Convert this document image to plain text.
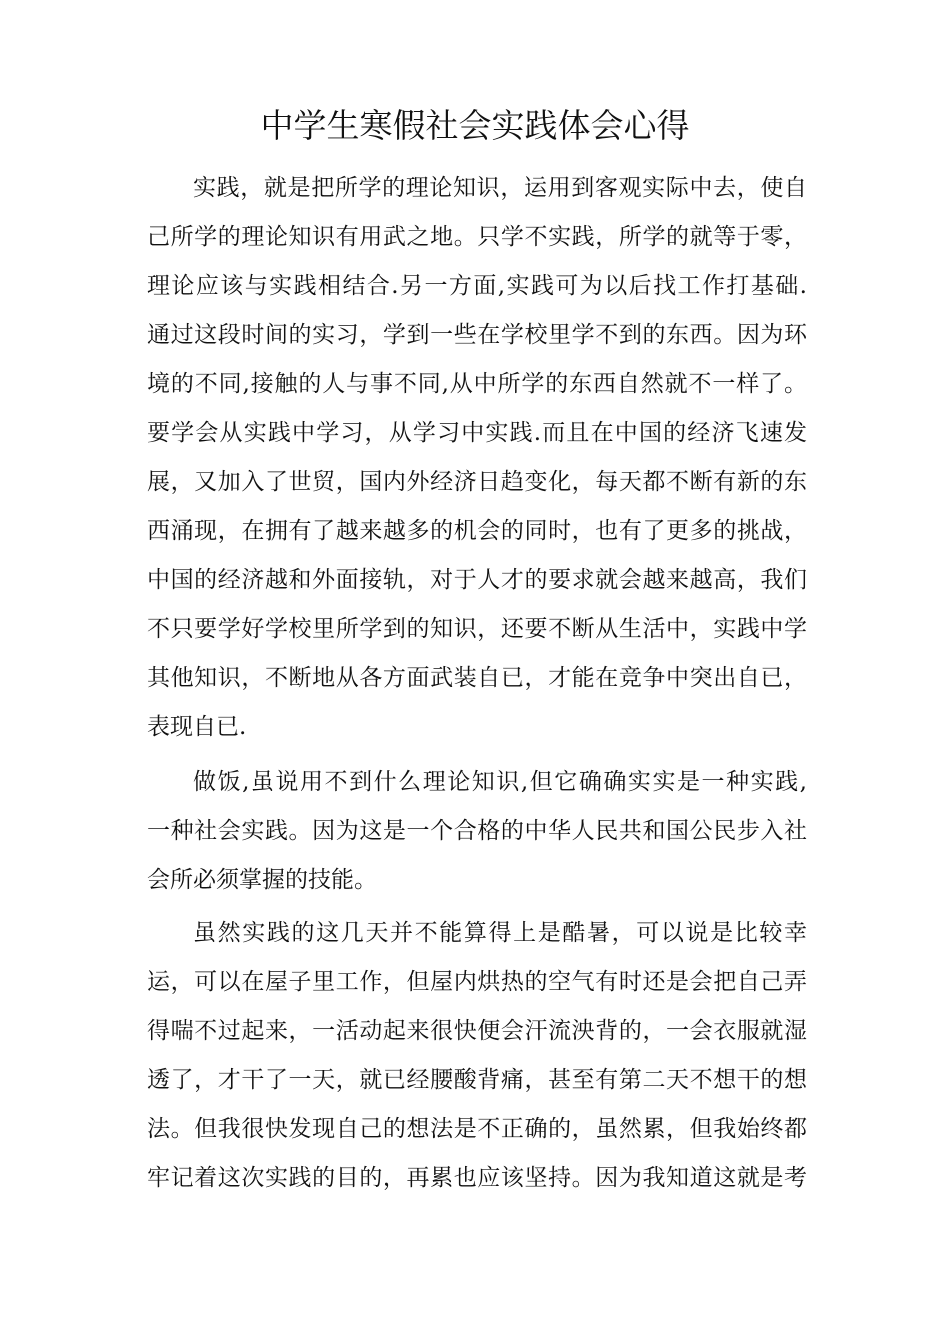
中学生寒假社会实践体会心得
实践，就是把所学的理论知识，运用到客观实际中去，使自
己所学的理论知识有用武之地。只学不实践，所学的就等于零，
理论应该与实践相结合.另一方面,实践可为以后找工作打基础.
通过这段时间的实习，学到一些在学校里学不到的东西。因为环
境的不同,接触的人与事不同,从中所学的东西自然就不一样了。
要学会从实践中学习，从学习中实践.而且在中国的经济飞速发
展，又加入了世贸，国内外经济日趋变化，每天都不断有新的东
西涌现，在拥有了越来越多的机会的同时，也有了更多的挑战，
中国的经济越和外面接轨，对于人才的要求就会越来越高，我们
不只要学好学校里所学到的知识，还要不断从生活中，实践中学
其他知识，不断地从各方面武装自已，才能在竞争中突出自已，
表现自已.
做饭,虽说用不到什么理论知识,但它确确实实是一种实践,
一种社会实践。因为这是一个合格的中华人民共和国公民步入社
会所必须掌握的技能。
虽然实践的这几天并不能算得上是酷暑，可以说是比较幸
运，可以在屋子里工作，但屋内烘热的空气有时还是会把自己弄
得喘不过起来，一活动起来很快便会汗流泱背的，一会衣服就湿
透了，才干了一天，就已经腰酸背痛，甚至有第二天不想干的想
法。但我很快发现自己的想法是不正确的，虽然累，但我始终都
牢记着这次实践的目的，再累也应该坚持。因为我知道这就是考
